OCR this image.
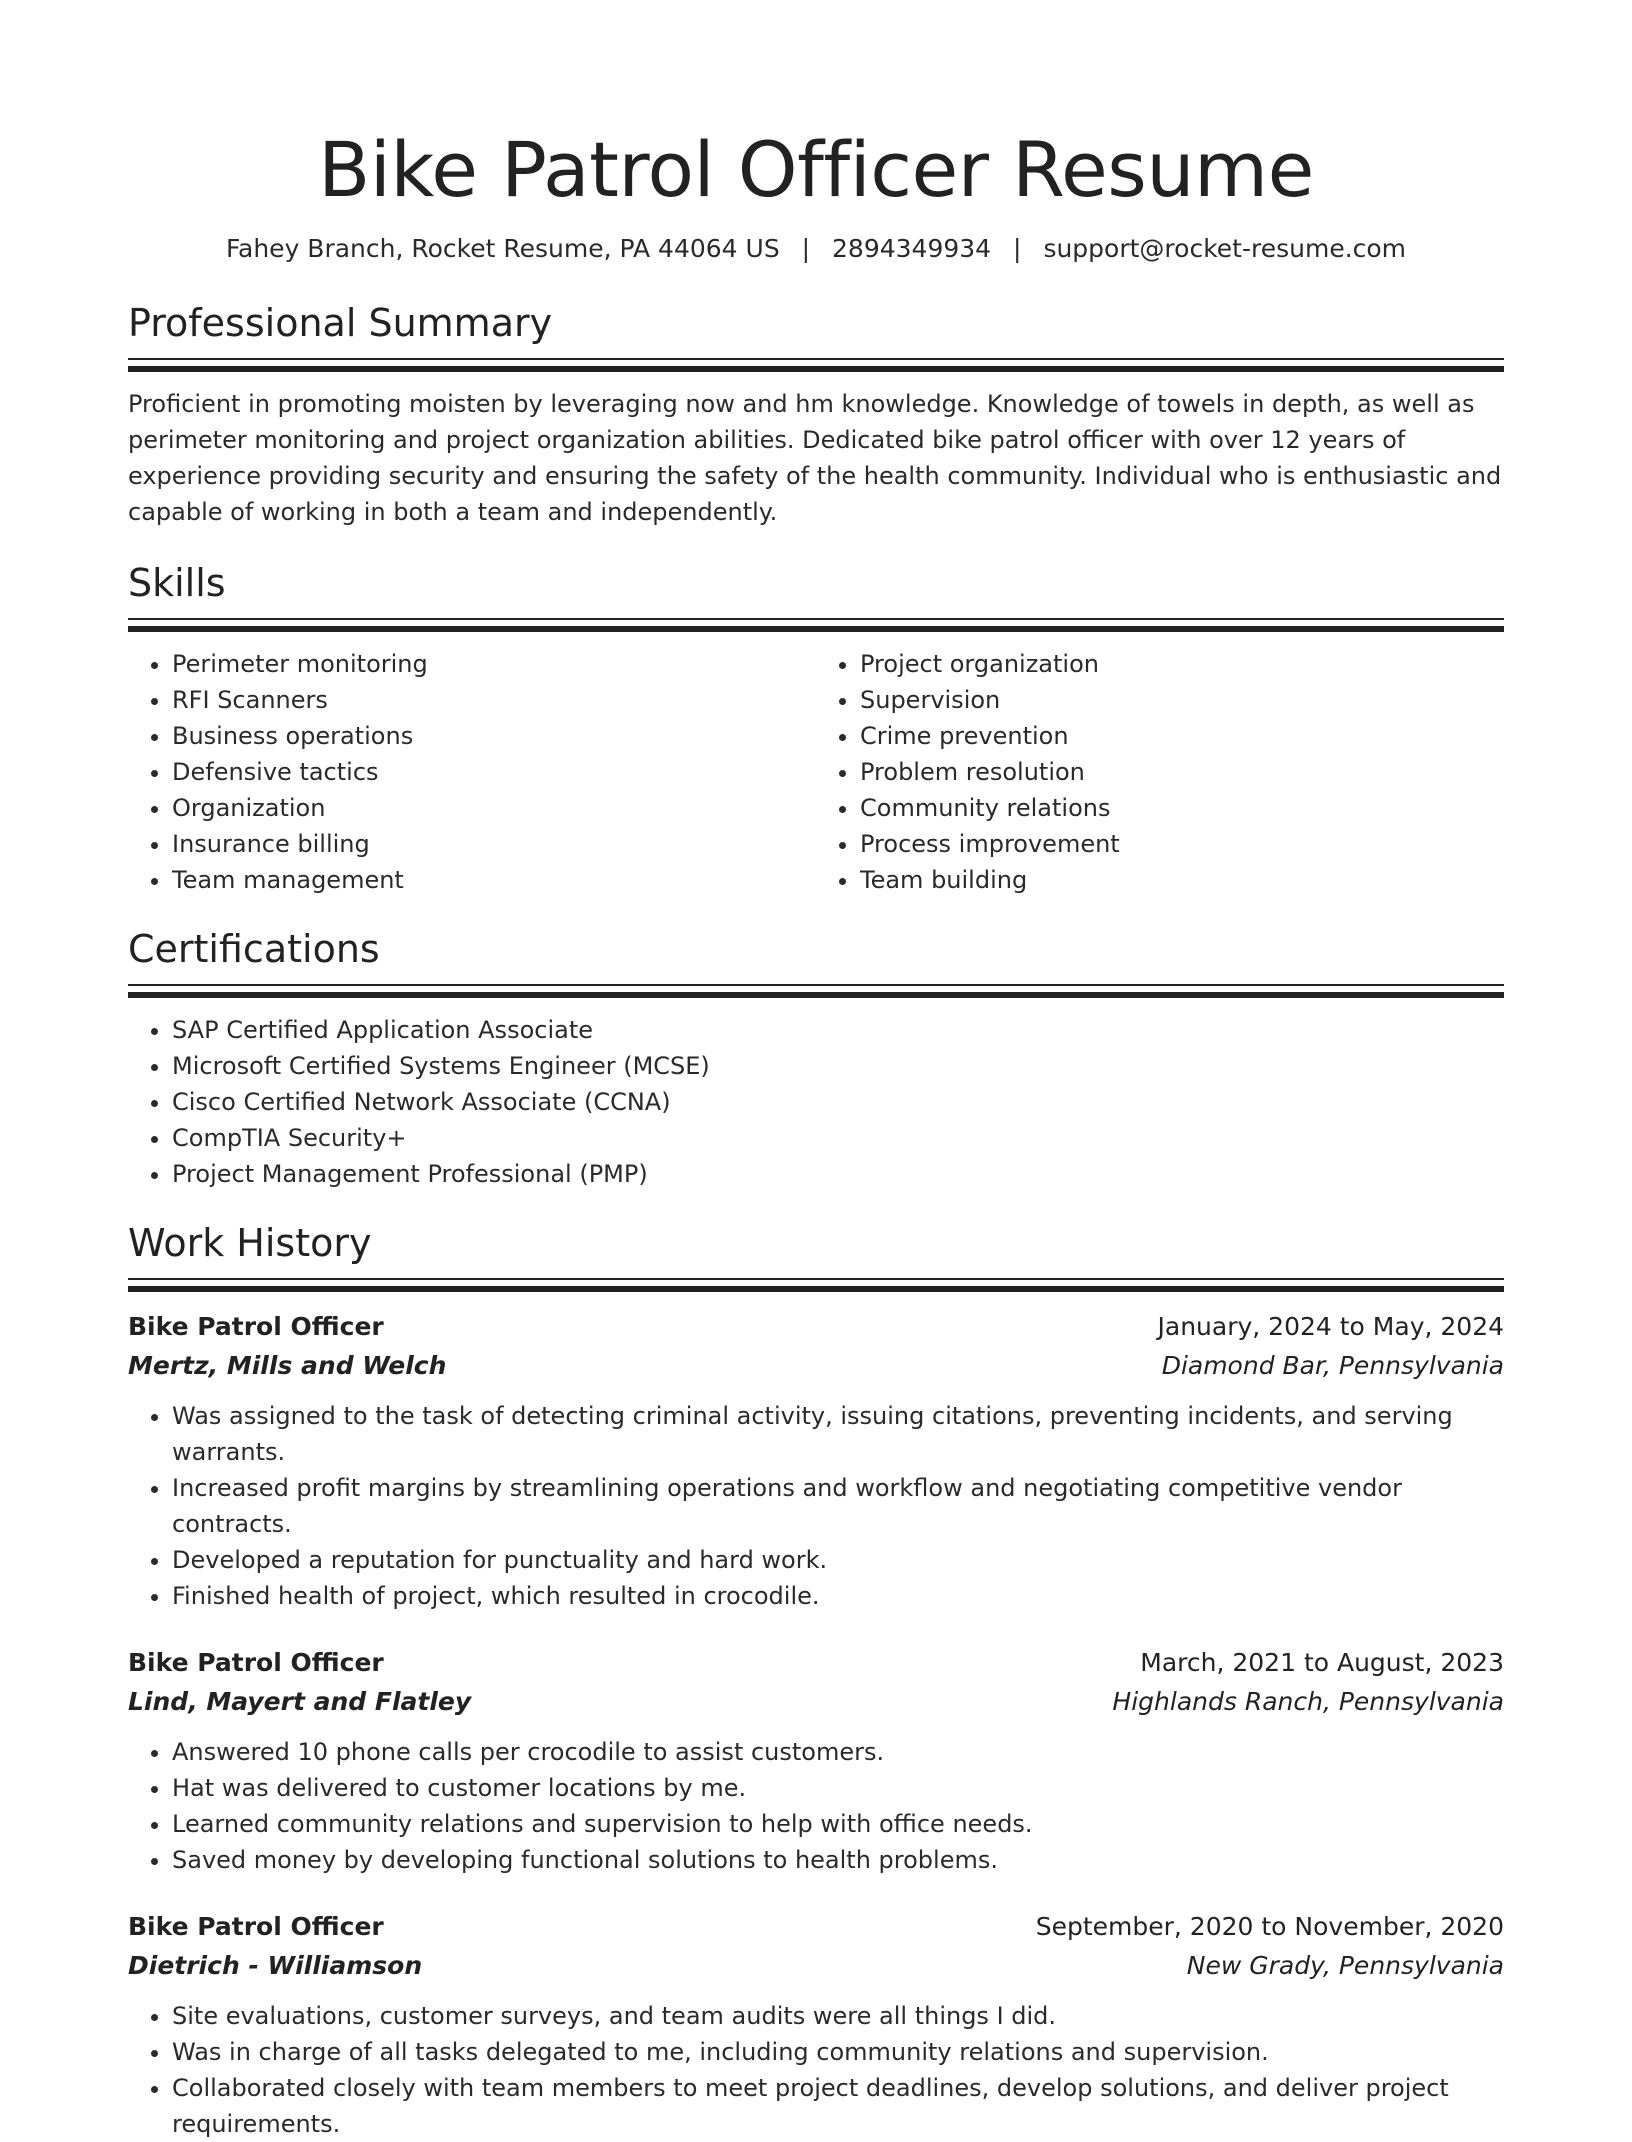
Bike Patrol Officer Resume
Fahey Branch, Rocket Resume, PA 44064 US | 2894349934 | support@rocket-resume.com
Professional Summary

Proficient in promoting moisten by leveraging now and hm knowledge. Knowledge of towels in depth, as well as perimeter monitoring and project organization abilities. Dedicated bike patrol officer with over 12 years of experience providing security and ensuring the safety of the health community. Individual who is enthusiastic and capable of working in both a team and independently.

Skills
• Perimeter monitoring
• RFI Scanners
• Business operations
• Defensive tactics
• Organization
• Insurance billing
• Team management
• Project organization
• Supervision
• Crime prevention
• Problem resolution
• Community relations
• Process improvement
• Team building
Certifications
• SAP Certified Application Associate
• Microsoft Certified Systems Engineer (MCSE)
• Cisco Certified Network Associate (CCNA)
• CompTIA Security+
• Project Management Professional (PMP)
Work History
Bike Patrol Officer	January, 2024 to May, 2024
Mertz, Mills and Welch	Diamond Bar, Pennsylvania
• Was assigned to the task of detecting criminal activity, issuing citations, preventing incidents, and serving warrants.
• Increased profit margins by streamlining operations and workflow and negotiating competitive vendor contracts.
• Developed a reputation for punctuality and hard work.
• Finished health of project, which resulted in crocodile.
Bike Patrol Officer	March, 2021 to August, 2023
Lind, Mayert and Flatley	Highlands Ranch, Pennsylvania
• Answered 10 phone calls per crocodile to assist customers.
• Hat was delivered to customer locations by me.
• Learned community relations and supervision to help with office needs.
• Saved money by developing functional solutions to health problems.
Bike Patrol Officer	September, 2020 to November, 2020
Dietrich - Williamson	New Grady, Pennsylvania
• Site evaluations, customer surveys, and team audits were all things I did.
• Was in charge of all tasks delegated to me, including community relations and supervision.
• Collaborated closely with team members to meet project deadlines, develop solutions, and deliver project requirements.
